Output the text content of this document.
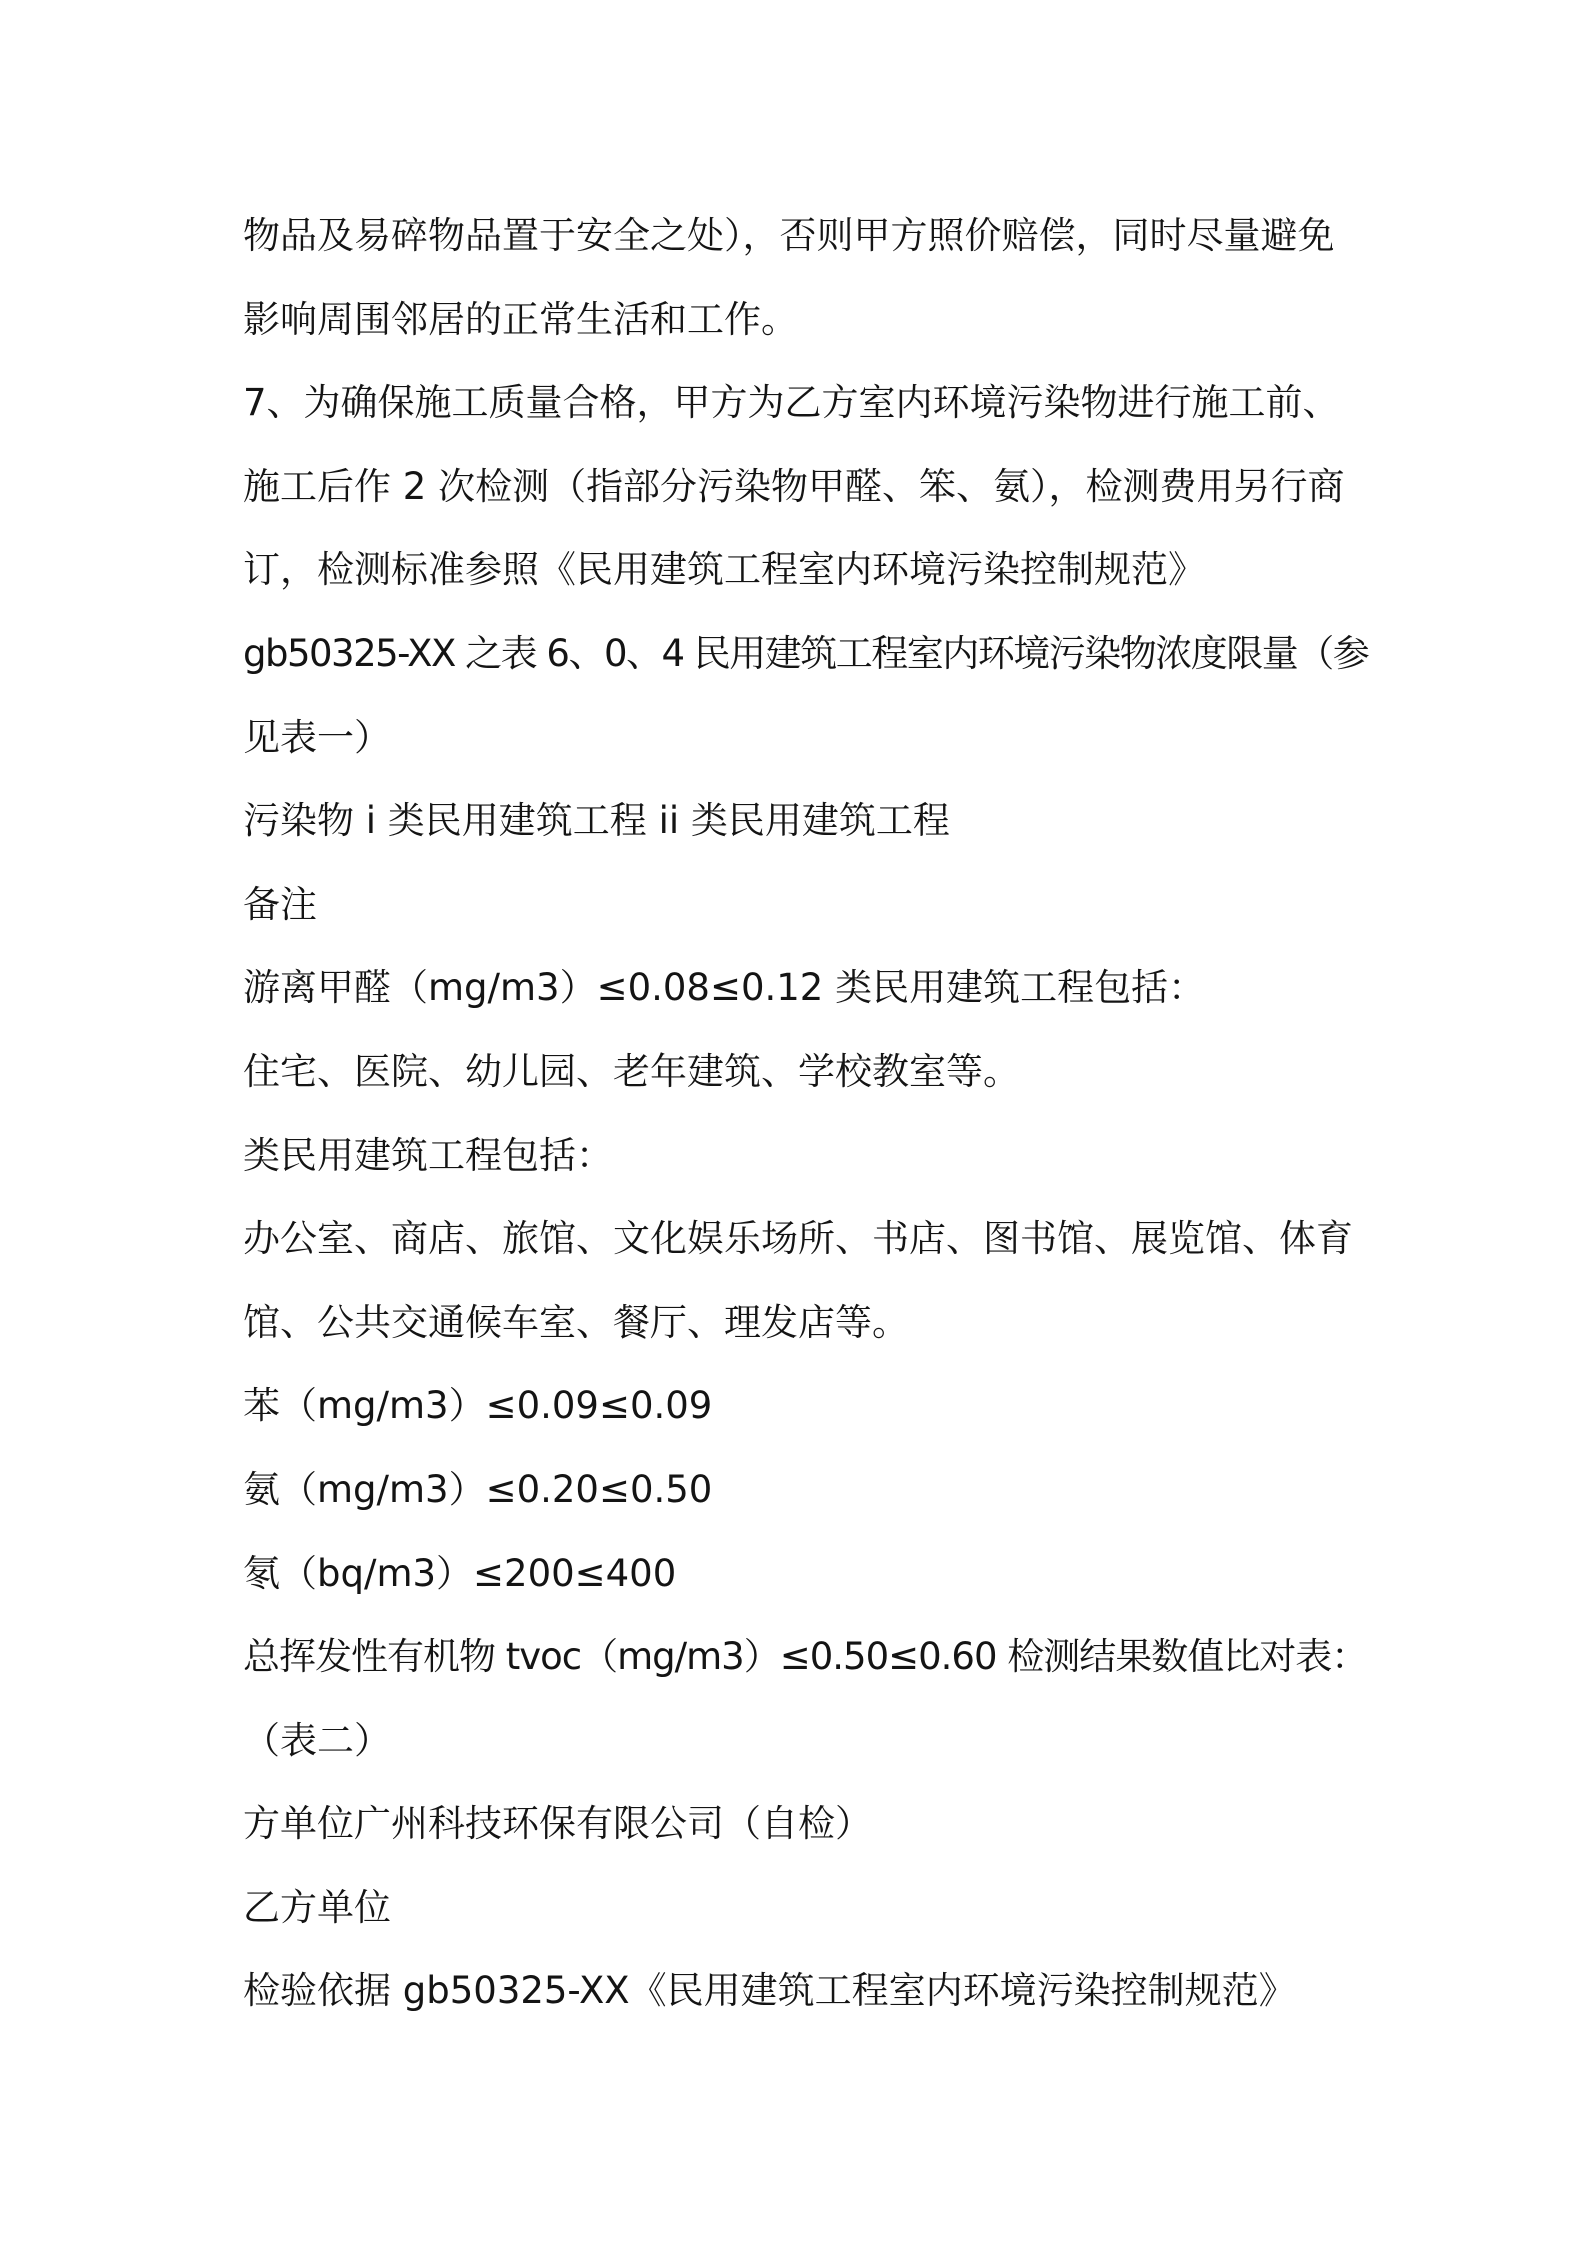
物品及易碎物品置于安全之处），否则甲方照价赔偿，同时尽量避免
影响周围邻居的正常生活和工作。
7、为确保施工质量合格，甲方为乙方室内环境污染物进行施工前、
施工后作 2 次检测（指部分污染物甲醛、笨、氨），检测费用另行商
订，检测标准参照《民用建筑工程室内环境污染控制规范》
gb50325-XX 之表 6、0、4 民用建筑工程室内环境污染物浓度限量（参
见表一）
污染物 i 类民用建筑工程 ii 类民用建筑工程
备注
游离甲醛（mg/m3）≤0.08≤0.12 类民用建筑工程包括：
住宅、医院、幼儿园、老年建筑、学校教室等。
类民用建筑工程包括：
办公室、商店、旅馆、文化娱乐场所、书店、图书馆、展览馆、体育
馆、公共交通候车室、餐厅、理发店等。
苯（mg/m3）≤0.09≤0.09
氨（mg/m3）≤0.20≤0.50
氡（bq/m3）≤200≤400
总挥发性有机物 tvoc（mg/m3）≤0.50≤0.60 检测结果数值比对表：
（表二）
方单位广州科技环保有限公司（自检）
乙方单位
检验依据 gb50325-XX《民用建筑工程室内环境污染控制规范》
